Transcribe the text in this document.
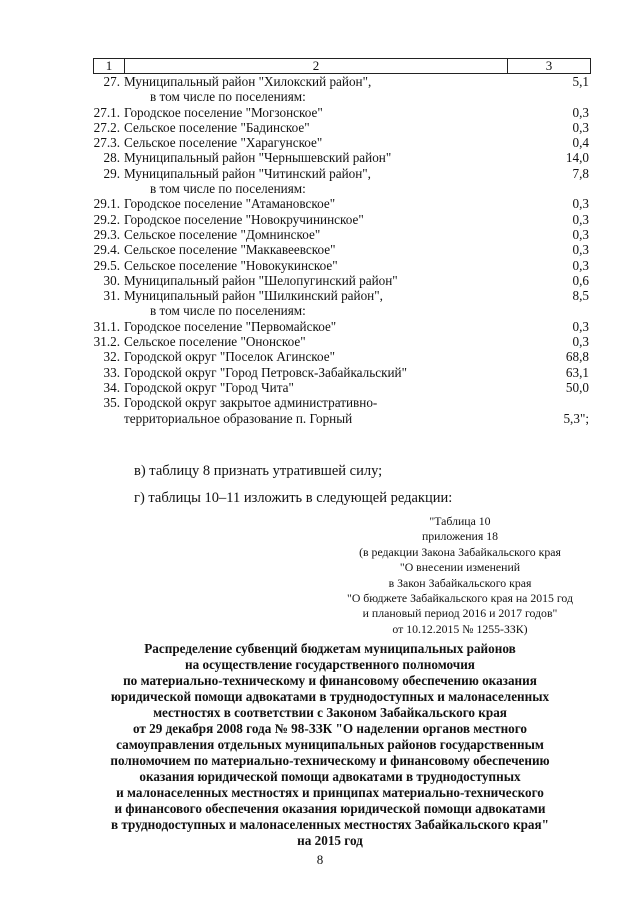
1	2	3
27. Муниципальный район "Хилокский район",	5,1
в том числе по поселениям:
27.1. Городское поселение "Могзонское"	0,3
27.2. Сельское поселение "Бадинское"	0,3
27.3. Сельское поселение "Харагунское"	0,4
28. Муниципальный район "Чернышевский район"	14,0
29. Муниципальный район "Читинский район",	7,8
в том числе по поселениям:
29.1. Городское поселение "Атамановское"	0,3
29.2. Городское поселение "Новокручининское"	0,3
29.3. Сельское поселение "Домнинское"	0,3
29.4. Сельское поселение "Маккавеевское"	0,3
29.5. Сельское поселение "Новокукинское"	0,3
30. Муниципальный район "Шелопугинский район"	0,6
31. Муниципальный район "Шилкинский район",	8,5
в том числе по поселениям:
31.1. Городское поселение "Первомайское"	0,3
31.2. Сельское поселение "Ононское"	0,3
32. Городской округ "Поселок Агинское"	68,8
33. Городской округ "Город Петровск-Забайкальский"	63,1
34. Городской округ "Город Чита"	50,0
35. Городской округ закрытое административно-
территориальное образование п. Горный	5,3";
в) таблицу 8 признать утратившей силу;
г) таблицы 10–11 изложить в следующей редакции:
"Таблица 10
приложения 18
(в редакции Закона Забайкальского края
"О внесении изменений
в Закон Забайкальского края
"О бюджете Забайкальского края на 2015 год
и плановый период 2016 и 2017 годов"
от 10.12.2015 № 1255-ЗЗК)
Распределение субвенций бюджетам муниципальных районов
на осуществление государственного полномочия
по материально-техническому и финансовому обеспечению оказания
юридической помощи адвокатами в труднодоступных и малонаселенных
местностях в соответствии с Законом Забайкальского края
от 29 декабря 2008 года № 98-ЗЗК "О наделении органов местного
самоуправления отдельных муниципальных районов государственным
полномочием по материально-техническому и финансовому обеспечению
оказания юридической помощи адвокатами в труднодоступных
и малонаселенных местностях и принципах материально-технического
и финансового обеспечения оказания юридической помощи адвокатами
в труднодоступных и малонаселенных местностях Забайкальского края"
на 2015 год
8
